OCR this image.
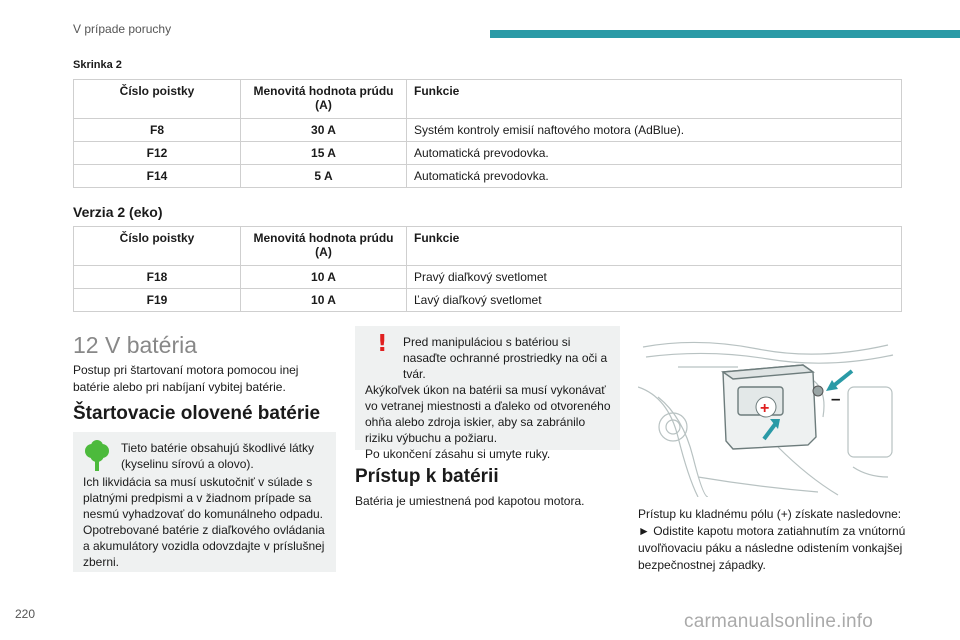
V prípade poruchy
Skrinka 2
Číslo poistky	Menovitá hodnota prúdu (A)	Funkcie
F8	30 A	Systém kontroly emisií naftového motora (AdBlue).
F12	15 A	Automatická prevodovka.
F14	5 A	Automatická prevodovka.
Verzia 2 (eko)
Číslo poistky	Menovitá hodnota prúdu (A)	Funkcie
F18	10 A	Pravý diaľkový svetlomet
F19	10 A	Ľavý diaľkový svetlomet
12 V batéria
Postup pri štartovaní motora pomocou inej batérie alebo pri nabíjaní vybitej batérie.
Štartovacie olovené batérie
Tieto batérie obsahujú škodlivé látky (kyselinu sírovú a olovo).
Ich likvidácia sa musí uskutočniť v súlade s platnými predpismi a v žiadnom prípade sa nesmú vyhadzovať do komunálneho odpadu. Opotrebované batérie z diaľkového ovládania a akumulátory vozidla odovzdajte v príslušnej zberni.
! Pred manipuláciou s batériou si nasaďte ochranné prostriedky na oči a tvár.
Akýkoľvek úkon na batérii sa musí vykonávať vo vetranej miestnosti a ďaleko od otvoreného ohňa alebo zdroja iskier, aby sa zabránilo riziku výbuchu a požiaru.
Po ukončení zásahu si umyte ruky.
Prístup k batérii
Batéria je umiestnená pod kapotou motora.
+
–
Prístup ku kladnému pólu (+) získate nasledovne:
► Odistite kapotu motora zatiahnutím za vnútornú uvoľňovaciu páku a následne odistením vonkajšej bezpečnostnej západky.
220	carmanualsonline.info
